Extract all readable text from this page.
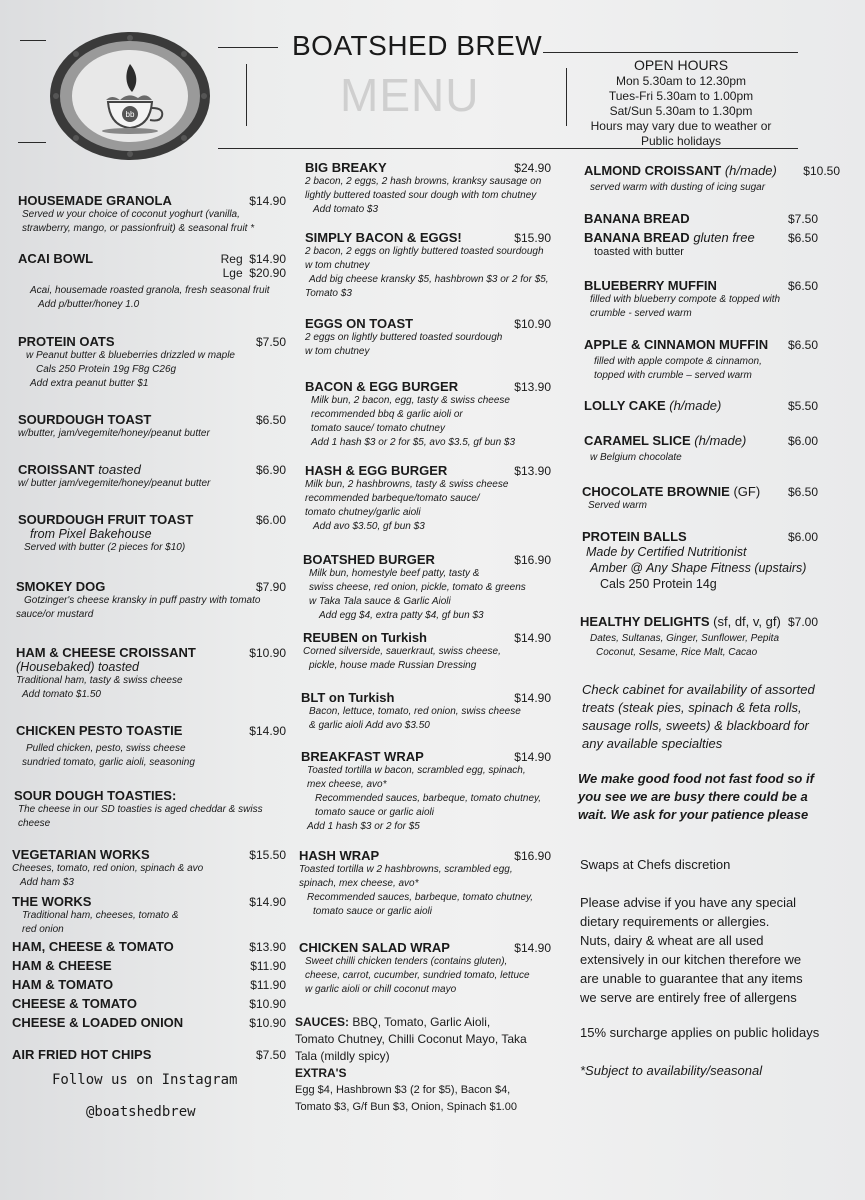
bb
BOATSHED BREW
MENU
OPEN HOURS
Mon 5.30am to 12.30pm
Tues-Fri 5.30am to 1.00pm
Sat/Sun 5.30am to 1.30pm
Hours may vary due to weather or
Public holidays
HOUSEMADE GRANOLA	$14.90

Served w your choice of coconut yoghurt (vanilla,

strawberry, mango, or passionfruit) & seasonal fruit *

ACAI BOWL	Reg $14.90
Lge $20.90

Acai, housemade roasted granola, fresh seasonal fruit

Add p/butter/honey 1.0

PROTEIN OATS	$7.50

w Peanut butter & blueberries drizzled w maple

Cals 250 Protein 19g F8g C26g

Add extra peanut butter $1

SOURDOUGH TOAST	$6.50

w/butter, jam/vegemite/honey/peanut butter

CROISSANT toasted	$6.90

w/ butter jam/vegemite/honey/peanut butter

SOURDOUGH FRUIT TOAST	$6.00
from Pixel Bakehouse

Served with butter (2 pieces for $10)

SMOKEY DOG	$7.90

Gotzinger's cheese kransky in puff pastry with tomato

sauce/or mustard

HAM & CHEESE CROISSANT	$10.90
(Housebaked) toasted

Traditional ham, tasty & swiss cheese

Add tomato $1.50

CHICKEN PESTO TOASTIE	$14.90

Pulled chicken, pesto, swiss cheese

sundried tomato, garlic aioli, seasoning

SOUR DOUGH TOASTIES:

The cheese in our SD toasties is aged cheddar & swiss

cheese

VEGETARIAN WORKS	$15.50

Cheeses, tomato, red onion, spinach & avo

Add ham $3

THE WORKS	$14.90

Traditional ham, cheeses, tomato &

red onion

HAM, CHEESE & TOMATO	$13.90
HAM & CHEESE	$11.90
HAM & TOMATO	$11.90
CHEESE & TOMATO	$10.90
CHEESE & LOADED ONION	$10.90
AIR FRIED HOT CHIPS	$7.50
Follow us on Instagram
@boatshedbrew
BIG BREAKY	$24.90

2 bacon, 2 eggs, 2 hash browns, kranksy sausage on

lightly buttered toasted sour dough with tom chutney

Add tomato $3

SIMPLY BACON & EGGS!	$15.90

2 bacon, 2 eggs on lightly buttered toasted sourdough

w tom chutney

Add big cheese kransky $5, hashbrown $3 or 2 for $5,

Tomato $3

EGGS ON TOAST	$10.90

2 eggs on lightly buttered toasted sourdough

w tom chutney

BACON & EGG BURGER	$13.90

Milk bun, 2 bacon, egg, tasty & swiss cheese

recommended bbq & garlic aioli or

tomato sauce/ tomato chutney

Add 1 hash $3 or 2 for $5, avo $3.5, gf bun $3

HASH & EGG BURGER	$13.90

Milk bun, 2 hashbrowns, tasty & swiss cheese

recommended barbeque/tomato sauce/

tomato chutney/garlic aioli

Add avo $3.50, gf bun $3

BOATSHED BURGER	$16.90

Milk bun, homestyle beef patty, tasty &

swiss cheese, red onion, pickle, tomato & greens

w Taka Tala sauce & Garlic Aioli

Add egg $4, extra patty $4, gf bun $3

REUBEN on Turkish	$14.90

Corned silverside, sauerkraut, swiss cheese,

pickle, house made Russian Dressing

BLT on Turkish	$14.90

Bacon, lettuce, tomato, red onion, swiss cheese

& garlic aioli Add avo $3.50

BREAKFAST WRAP	$14.90

Toasted tortilla w bacon, scrambled egg, spinach,

mex cheese, avo*

Recommended sauces, barbeque, tomato chutney,

tomato sauce or garlic aioli

Add 1 hash $3 or 2 for $5

HASH WRAP	$16.90

Toasted tortilla w 2 hashbrowns, scrambled egg,

spinach, mex cheese, avo*

Recommended sauces, barbeque, tomato chutney,

tomato sauce or garlic aioli

CHICKEN SALAD WRAP	$14.90

Sweet chilli chicken tenders (contains gluten),

cheese, carrot, cucumber, sundried tomato, lettuce

w garlic aioli or chill coconut mayo

SAUCES: BBQ, Tomato, Garlic Aioli,
Tomato Chutney, Chilli Coconut Mayo, Taka
Tala (mildly spicy)
EXTRA'S
Egg $4, Hashbrown $3 (2 for $5), Bacon $4,
Tomato $3, G/f Bun $3, Onion, Spinach $1.00
ALMOND CROISSANT (h/made) $10.50

served warm with dusting of icing sugar

BANANA BREAD	$7.50
BANANA BREAD gluten free	$6.50

toasted with butter

BLUEBERRY MUFFIN	$6.50

filled with blueberry compote & topped with

crumble - served warm

APPLE & CINNAMON MUFFIN $6.50

filled with apple compote & cinnamon,

topped with crumble – served warm

LOLLY CAKE (h/made)	$5.50
CARAMEL SLICE (h/made)	$6.00

w Belgium chocolate

CHOCOLATE BROWNIE (GF) $6.50

Served warm

PROTEIN BALLS	$6.00
Made by Certified Nutritionist
Amber @ Any Shape Fitness (upstairs)
Cals 250 Protein 14g
HEALTHY DELIGHTS (sf, df, v, gf) $7.00

Dates, Sultanas, Ginger, Sunflower, Pepita

Coconut, Sesame, Rice Malt, Cacao

Check cabinet for availability of assorted
treats (steak pies, spinach & feta rolls,
sausage rolls, sweets) & blackboard for
any available specialties
We make good food not fast food so if
you see we are busy there could be a
wait. We ask for your patience please
Swaps at Chefs discretion
Please advise if you have any special
dietary requirements or allergies.
Nuts, dairy & wheat are all used
extensively in our kitchen therefore we
are unable to guarantee that any items
we serve are entirely free of allergens
15% surcharge applies on public holidays
*Subject to availability/seasonal
